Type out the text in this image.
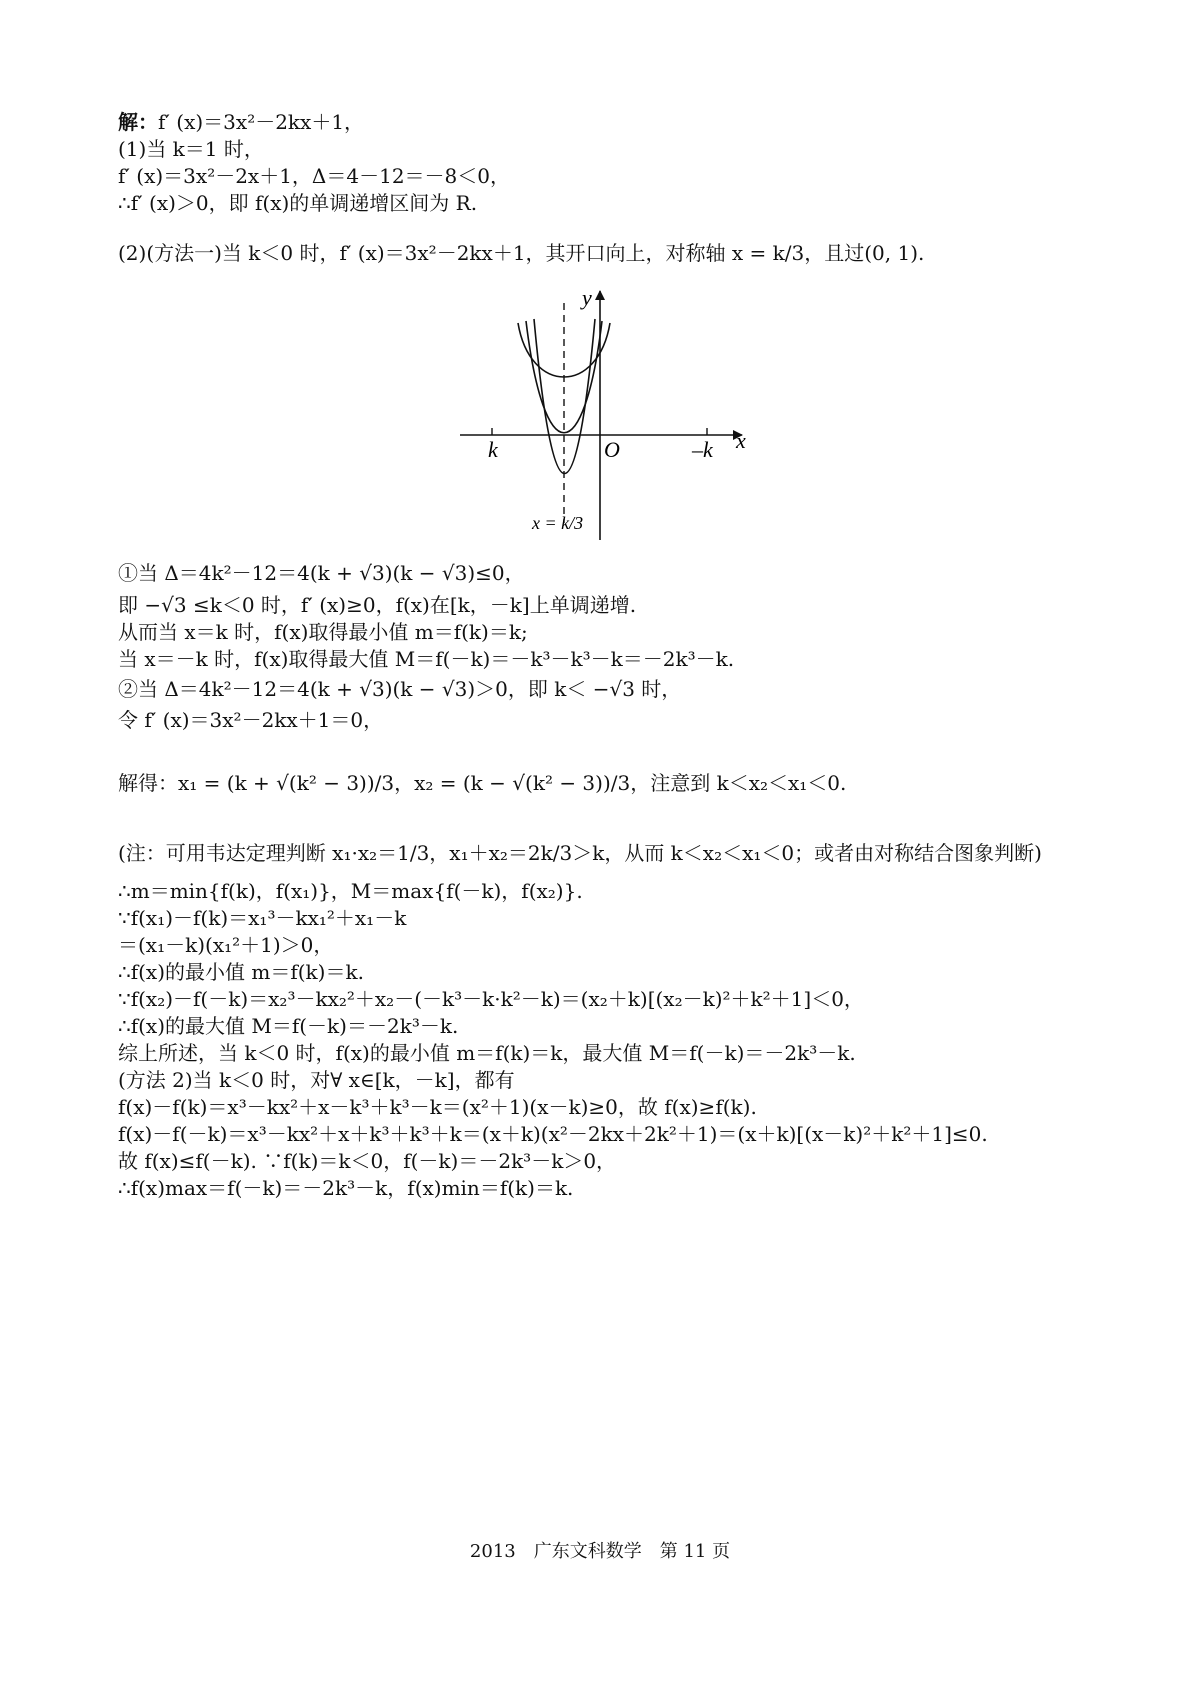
解：f′ (x)＝3x²－2kx＋1，
(1)当 k＝1 时，
f′ (x)＝3x²－2x＋1，Δ＝4－12＝－8＜0，
∴f′ (x)＞0，即 f(x)的单调递增区间为 R.
(2)(方法一)当 k＜0 时，f′ (x)＝3x²－2kx＋1，其开口向上，对称轴 x = k/3，且过(0, 1).
y
x
O
k	–k
x = k/3
①当 Δ＝4k²－12＝4(k + √3)(k − √3)≤0，
即 −√3 ≤k＜0 时，f′ (x)≥0，f(x)在[k，－k]上单调递增.
从而当 x＝k 时，f(x)取得最小值 m＝f(k)＝k;
当 x＝－k 时，f(x)取得最大值 M＝f(－k)＝－k³－k³－k＝－2k³－k.
②当 Δ＝4k²－12＝4(k + √3)(k − √3)＞0，即 k＜ −√3 时，
令 f′ (x)＝3x²－2kx＋1＝0，
解得：x₁ = (k + √(k² − 3))/3，x₂ = (k − √(k² − 3))/3，注意到 k＜x₂＜x₁＜0.
(注：可用韦达定理判断 x₁·x₂＝1/3，x₁＋x₂＝2k/3＞k，从而 k＜x₂＜x₁＜0；或者由对称结合图象判断)
∴m＝min{f(k)，f(x₁)}，M＝max{f(－k)，f(x₂)}.
∵f(x₁)－f(k)＝x₁³－kx₁²＋x₁－k
＝(x₁－k)(x₁²＋1)＞0，
∴f(x)的最小值 m＝f(k)＝k.
∵f(x₂)－f(－k)＝x₂³－kx₂²＋x₂－(－k³－k·k²－k)＝(x₂＋k)[(x₂－k)²＋k²＋1]＜0，
∴f(x)的最大值 M＝f(－k)＝－2k³－k.
综上所述，当 k＜0 时，f(x)的最小值 m＝f(k)＝k，最大值 M＝f(－k)＝－2k³－k.
(方法 2)当 k＜0 时，对∀ x∈[k，－k]，都有
f(x)－f(k)＝x³－kx²＋x－k³＋k³－k＝(x²＋1)(x－k)≥0，故 f(x)≥f(k).
f(x)－f(－k)＝x³－kx²＋x＋k³＋k³＋k＝(x＋k)(x²－2kx＋2k²＋1)＝(x＋k)[(x－k)²＋k²＋1]≤0.
故 f(x)≤f(－k). ∵f(k)＝k＜0，f(－k)＝－2k³－k＞0，
∴f(x)max＝f(－k)＝－2k³－k，f(x)min＝f(k)＝k.
2013　广东文科数学　第 11 页
